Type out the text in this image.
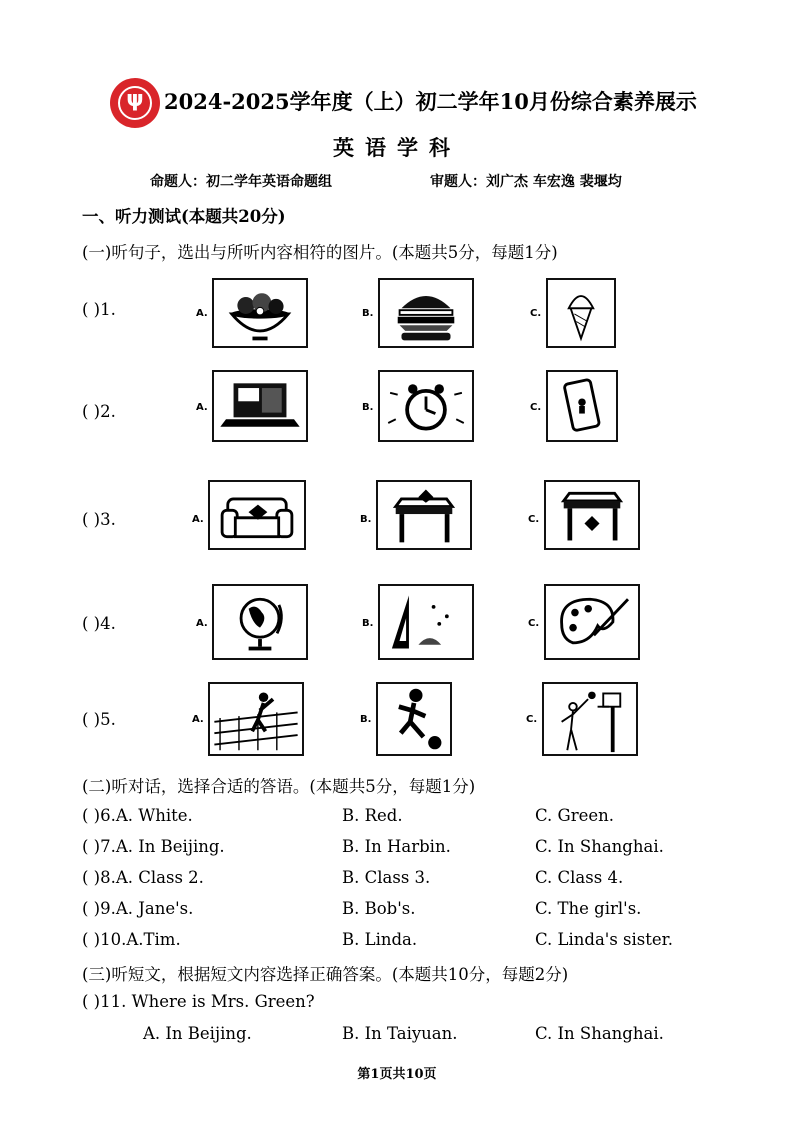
ψ 2024-2025学年度（上）初二学年10月份综合素养展示
英语学科
命题人：初二学年英语命题组	审题人：刘广杰 车宏逸 裴堰均
一、听力测试(本题共20分)
(一)听句子，选出与所听内容相符的图片。(本题共5分，每题1分)
( )1.	A.	B.	C.
( )2.	A.	B.	C.
( )3.	A.	B.	C.
( )4.	A.	B.	C.
( )5.	A.	B.	C.
(二)听对话，选择合适的答语。(本题共5分，每题1分)
( )6.A. White.	B. Red.	C. Green.
( )7.A. In Beijing.	B. In Harbin.	C. In Shanghai.
( )8.A. Class 2.	B. Class 3.	C. Class 4.
( )9.A. Jane's.	B. Bob's.	C. The girl's.
( )10.A.Tim.	B. Linda.	C. Linda's sister.
(三)听短文，根据短文内容选择正确答案。(本题共10分，每题2分)
( )11. Where is Mrs. Green?
A. In Beijing.	B. In Taiyuan.	C. In Shanghai.
第1页共10页
